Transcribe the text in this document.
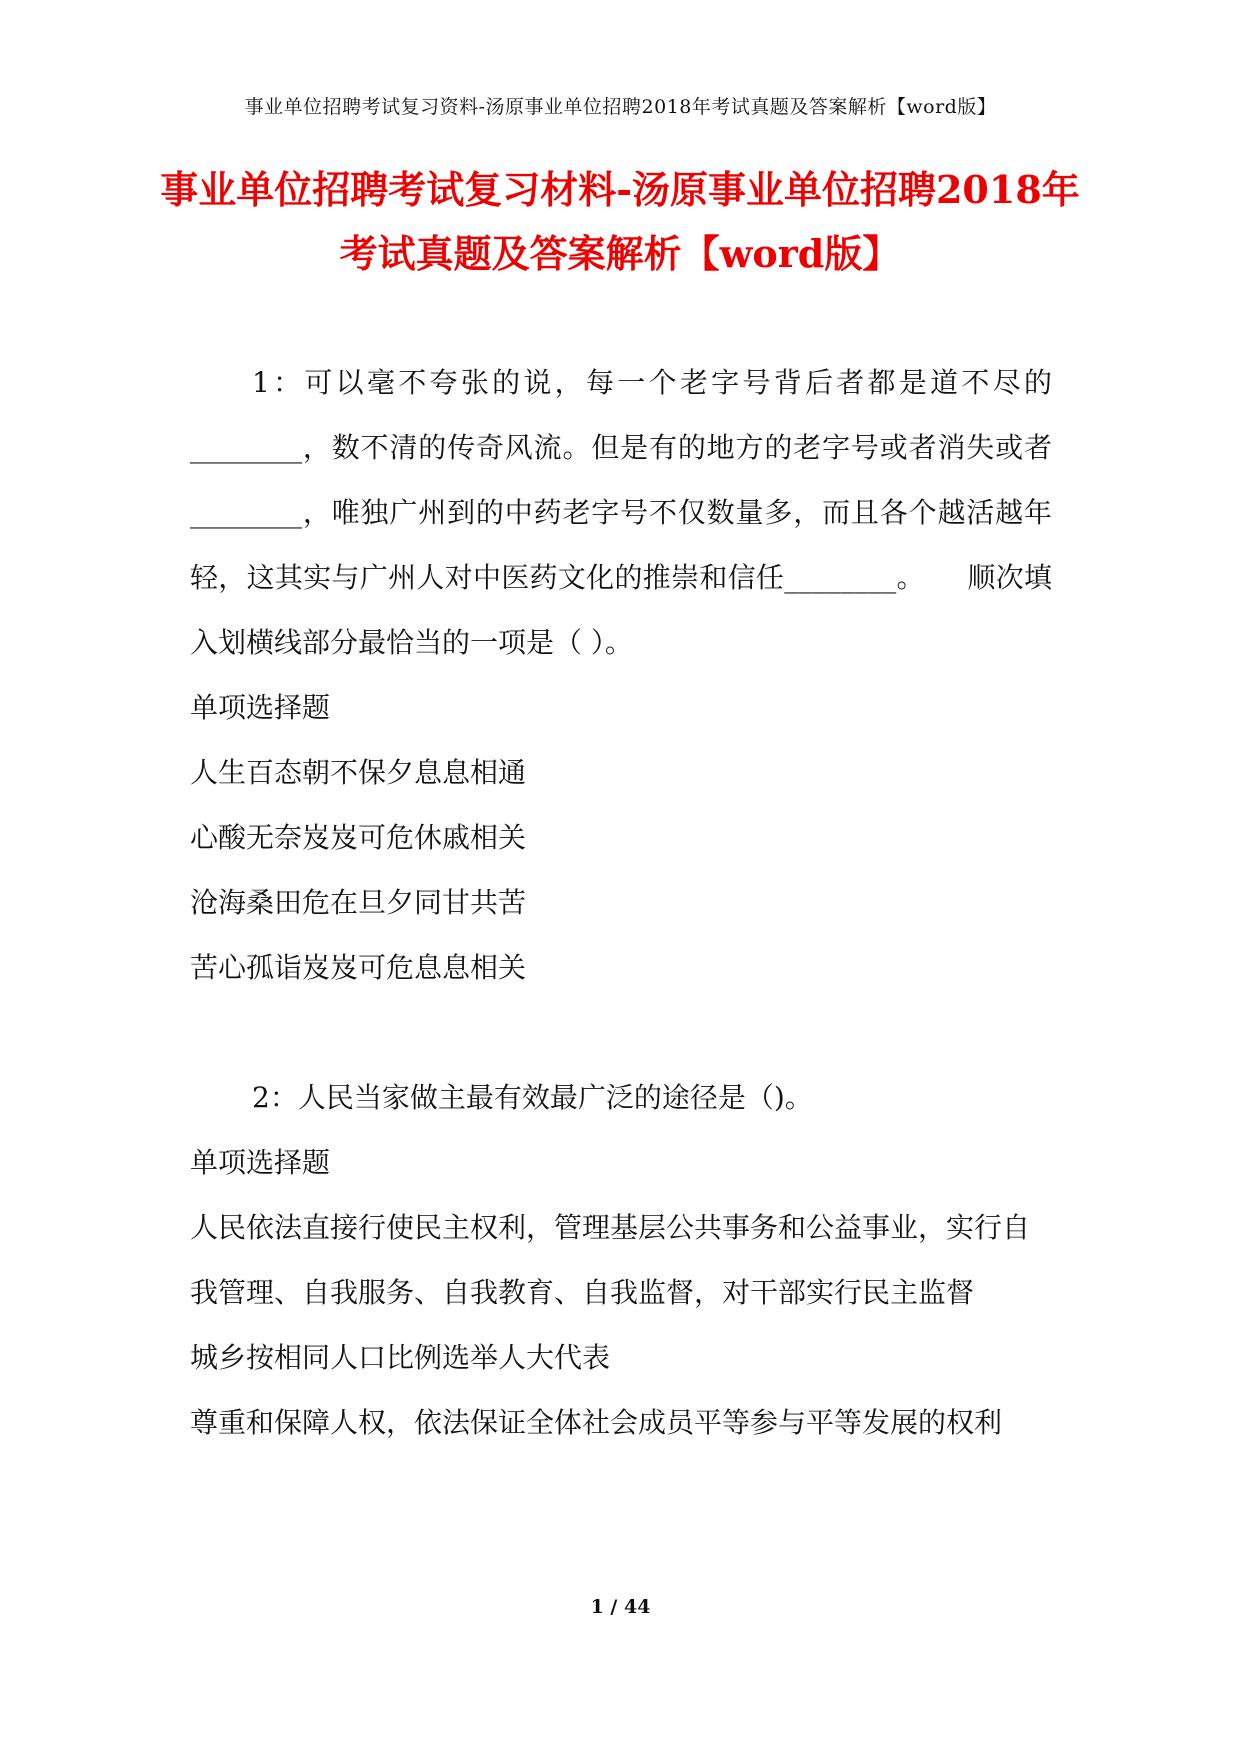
事业单位招聘考试复习资料-汤原事业单位招聘2018年考试真题及答案解析【word版】
事业单位招聘考试复习材料-汤原事业单位招聘2018年考试真题及答案解析【word版】

1：可以毫不夸张的说，每一个老字号背后者都是道不尽的________，数不清的传奇风流。但是有的地方的老字号或者消失或者________，唯独广州到的中药老字号不仅数量多，而且各个越活越年轻，这其实与广州人对中医药文化的推崇和信任________。　　顺次填入划横线部分最恰当的一项是（ ）。

单项选择题

人生百态朝不保夕息息相通

心酸无奈岌岌可危休戚相关

沧海桑田危在旦夕同甘共苦

苦心孤诣岌岌可危息息相关

2：人民当家做主最有效最广泛的途径是（)。

单项选择题

人民依法直接行使民主权利，管理基层公共事务和公益事业，实行自我管理、自我服务、自我教育、自我监督，对干部实行民主监督

城乡按相同人口比例选举人大代表

尊重和保障人权，依法保证全体社会成员平等参与平等发展的权利

1 / 44
